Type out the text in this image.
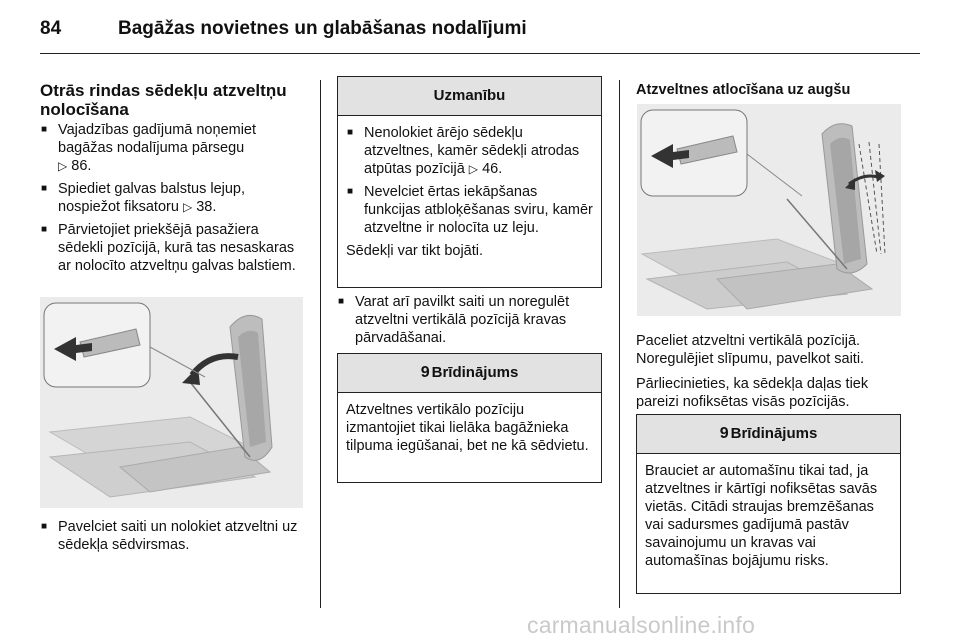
84	Bagāžas novietnes un glabāšanas nodalījumi
Otrās rindas sēdekļu atzveltņu nolocīšana
■ Vajadzības gadījumā noņemiet bagāžas nodalījuma pārsegu
▷ 86.
■ Spiediet galvas balstus lejup, nospiežot fiksatoru ▷ 38.
■ Pārvietojiet priekšējā pasažiera sēdekli pozīcijā, kurā tas nesaskaras ar nolocīto atzveltņu galvas balstiem.
■ Pavelciet saiti un nolokiet atzveltni uz sēdekļa sēdvirsmas.
Uzmanību
■ Nenolokiet ārējo sēdekļu atzveltnes, kamēr sēdekļi atrodas atpūtas pozīcijā ▷ 46.
■ Nevelciet ērtas iekāpšanas funkcijas atbloķēšanas sviru, kamēr atzveltne ir nolocīta uz leju.

Sēdekļi var tikt bojāti.

■ Varat arī pavilkt saiti un noregulēt atzveltni vertikālā pozīcijā kravas pārvadāšanai.
9 Brīdinājums

Atzveltnes vertikālo pozīciju izmantojiet tikai lielāka bagāžnieka tilpuma iegūšanai, bet ne kā sēdvietu.

Atzveltnes atlocīšana uz augšu

Paceliet atzveltni vertikālā pozīcijā. Noregulējiet slīpumu, pavelkot saiti.

Pārliecinieties, ka sēdekļa daļas tiek pareizi nofiksētas visās pozīcijās.

9 Brīdinājums

Brauciet ar automašīnu tikai tad, ja atzveltnes ir kārtīgi nofiksētas savās vietās. Citādi straujas bremzēšanas vai sadursmes gadījumā pastāv savainojumu un kravas vai automašīnas bojājumu risks.

carmanualsonline.info
